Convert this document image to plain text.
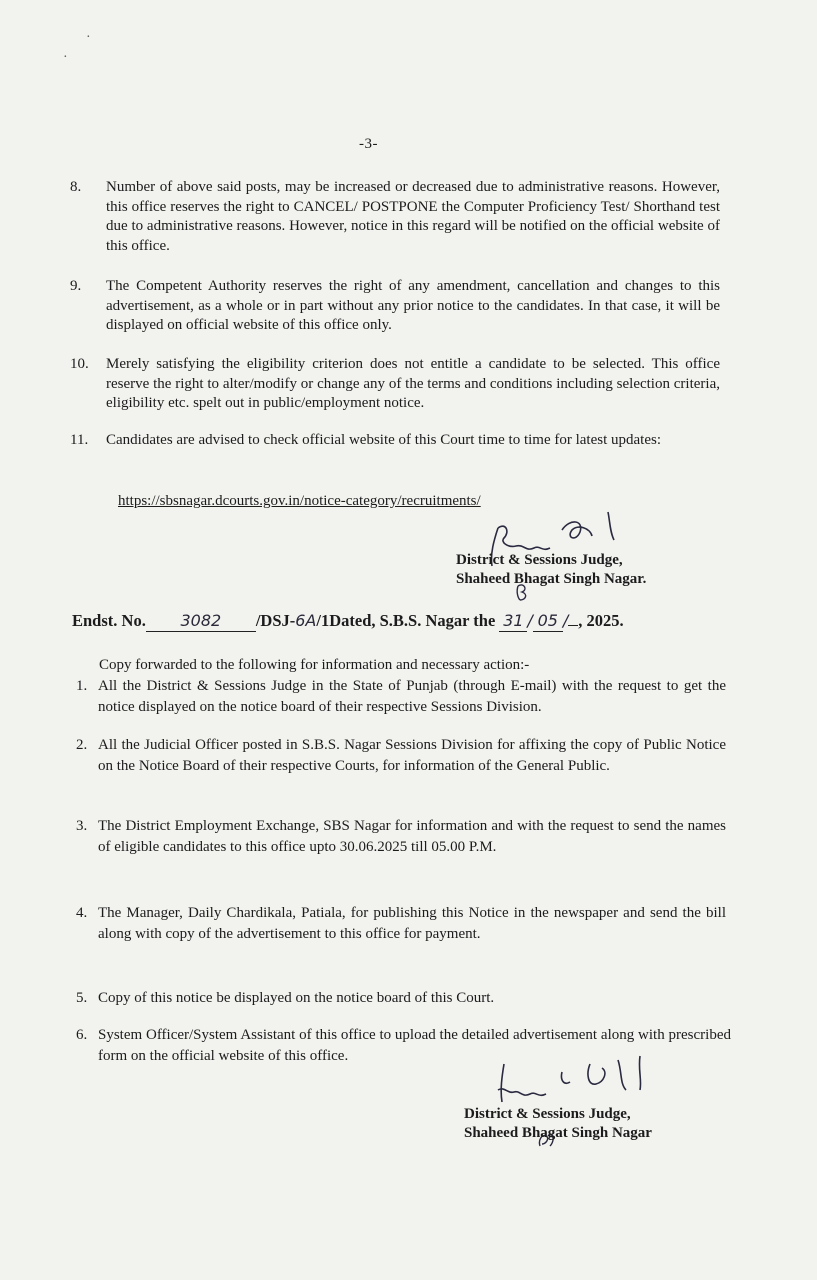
·
·
-3-
8. Number of above said posts, may be increased or decreased due to administrative reasons. However, this office reserves the right to CANCEL/ POSTPONE the Computer Proficiency Test/ Shorthand test due to administrative reasons. However, notice in this regard will be notified on the official website of this office.
9. The Competent Authority reserves the right of any amendment, cancellation and changes to this advertisement, as a whole or in part without any prior notice to the candidates. In that case, it will be displayed on official website of this office only.
10. Merely satisfying the eligibility criterion does not entitle a candidate to be selected. This office reserve the right to alter/modify or change any of the terms and conditions including selection criteria, eligibility etc. spelt out in public/employment notice.
11. Candidates are advised to check official website of this Court time to time for latest updates:
https://sbsnagar.dcourts.gov.in/notice-category/recruitments/
District & Sessions Judge,
Shaheed Bhagat Singh Nagar.
Endst. No. 3082 /DSJ-6A/1Dated, S.B.S. Nagar the 31 / 05 / , 2025.
Copy forwarded to the following for information and necessary action:-
1. All the District & Sessions Judge in the State of Punjab (through E-mail) with the request to get the notice displayed on the notice board of their respective Sessions Division.
2. All the Judicial Officer posted in S.B.S. Nagar Sessions Division for affixing the copy of Public Notice on the Notice Board of their respective Courts, for information of the General Public.
3. The District Employment Exchange, SBS Nagar for information and with the request to send the names of eligible candidates to this office upto 30.06.2025 till 05.00 P.M.
4. The Manager, Daily Chardikala, Patiala, for publishing this Notice in the newspaper and send the bill along with copy of the advertisement to this office for payment.
5. Copy of this notice be displayed on the notice board of this Court.
6. System Officer/System Assistant of this office to upload the detailed advertisement along with prescribed form on the official website of this office.
District & Sessions Judge,
Shaheed Bhagat Singh Nagar
